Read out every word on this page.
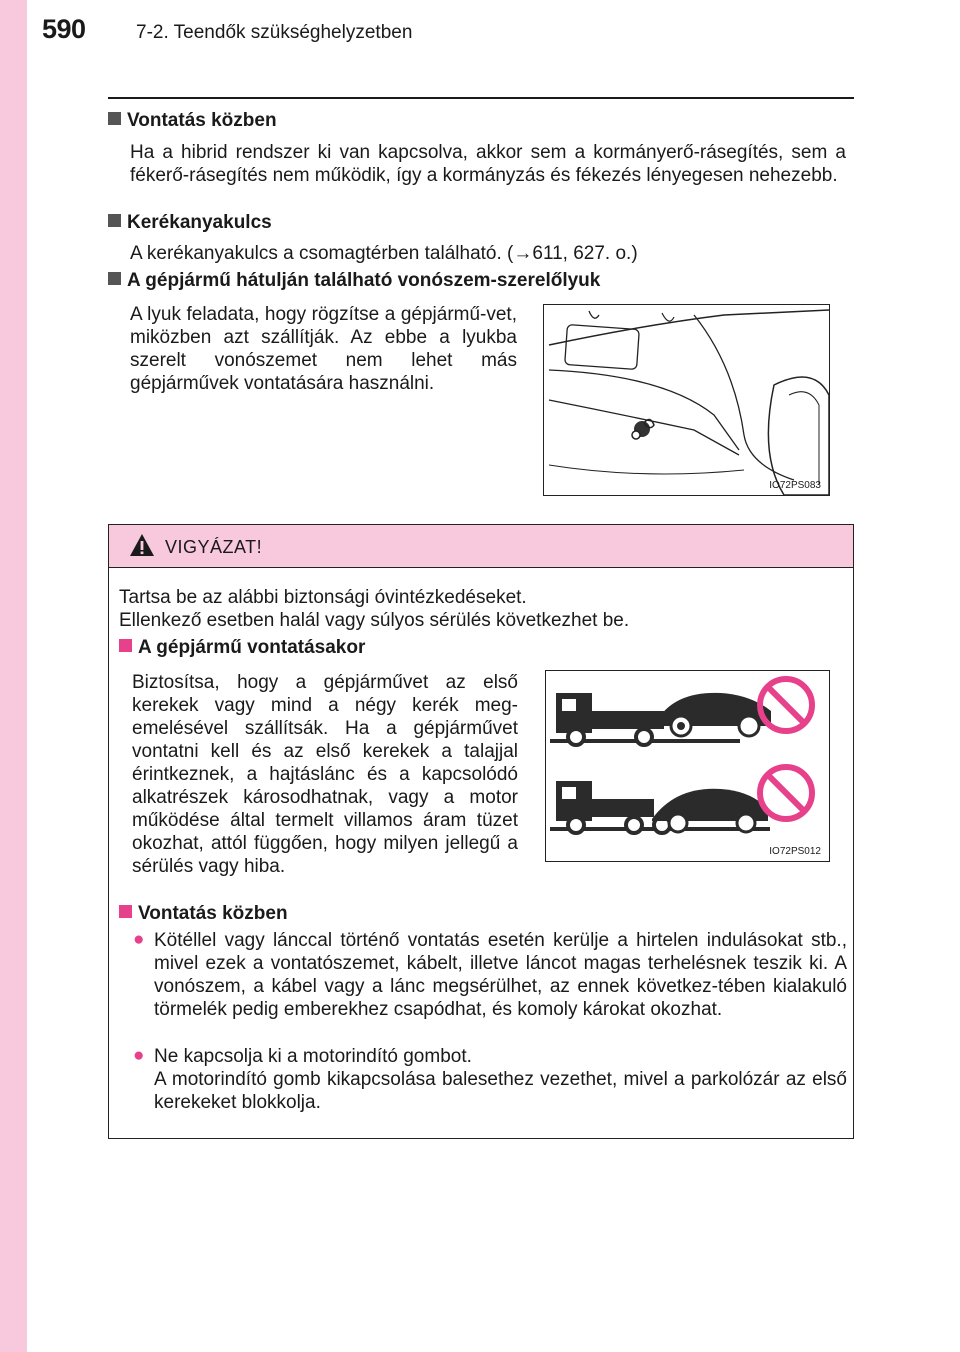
590	7-2. Teendők szükséghelyzetben
Vontatás közben
Ha a hibrid rendszer ki van kapcsolva, akkor sem a kormányerő-rásegítés, sem a fékerő-rásegítés nem működik, így a kormányzás és fékezés lényegesen nehezebb.
Kerékanyakulcs
A kerékanyakulcs a csomagtérben található. (→611, 627. o.)
A gépjármű hátulján található vonószem-szerelőlyuk
A lyuk feladata, hogy rögzítse a gépjármű-vet, miközben azt szállítják. Az ebbe a lyukba szerelt vonószemet nem lehet más gépjárművek vontatására használni.
IO72PS083
VIGYÁZAT!
Tartsa be az alábbi biztonsági óvintézkedéseket.
Ellenkező esetben halál vagy súlyos sérülés következhet be.
A gépjármű vontatásakor
Biztosítsa, hogy a gépjárművet az első kerekek vagy mind a négy kerék meg-emelésével szállítsák. Ha a gépjárművet vontatni kell és az első kerekek a talajjal érintkeznek, a hajtáslánc és a kapcsolódó alkatrészek károsodhatnak, vagy a motor működése által termelt villamos áram tüzet okozhat, attól függően, hogy milyen jellegű a sérülés vagy hiba.
IO72PS012
Vontatás közben
● Kötéllel vagy lánccal történő vontatás esetén kerülje a hirtelen indulásokat stb., mivel ezek a vontatószemet, kábelt, illetve láncot magas terhelésnek teszik ki. A vonószem, a kábel vagy a lánc megsérülhet, az ennek következ-tében kialakuló törmelék pedig emberekhez csapódhat, és komoly károkat okozhat.
● Ne kapcsolja ki a motorindító gombot.
A motorindító gomb kikapcsolása balesethez vezethet, mivel a parkolózár az első kerekeket blokkolja.
